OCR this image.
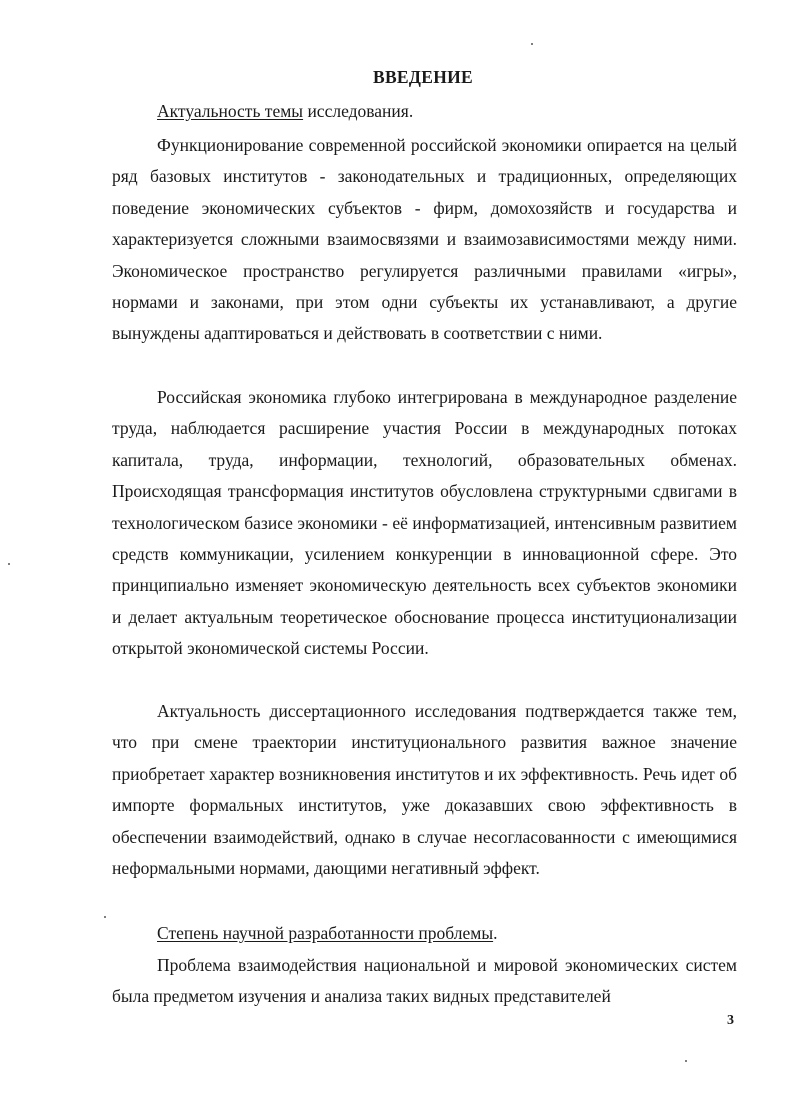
ВВЕДЕНИЕ
Актуальность темы исследования.

Функционирование современной российской экономики опирается на целый ряд базовых институтов - законодательных и традиционных, определяющих поведение экономических субъектов - фирм, домохозяйств и государства и характеризуется сложными взаимосвязями и взаимозависимостями между ними. Экономическое пространство регулируется различными правилами «игры», нормами и законами, при этом одни субъекты их устанавливают, а другие вынуждены адаптироваться и действовать в соответствии с ними.

Российская экономика глубоко интегрирована в международное разделение труда, наблюдается расширение участия России в международных потоках капитала, труда, информации, технологий, образовательных обменах. Происходящая трансформация институтов обусловлена структурными сдвигами в технологическом базисе экономики - её информатизацией, интенсивным развитием средств коммуникации, усилением конкуренции в инновационной сфере. Это принципиально изменяет экономическую деятельность всех субъектов экономики и делает актуальным теоретическое обоснование процесса институционализации открытой экономической системы России.

Актуальность диссертационного исследования подтверждается также тем, что при смене траектории институционального развития важное значение приобретает характер возникновения институтов и их эффективность. Речь идет об импорте формальных институтов, уже доказавших свою эффективность в обеспечении взаимодействий, однако в случае несогласованности с имеющимися неформальными нормами, дающими негативный эффект.

Степень научной разработанности проблемы.

Проблема взаимодействия национальной и мировой экономических систем была предметом изучения и анализа таких видных представителей

3
